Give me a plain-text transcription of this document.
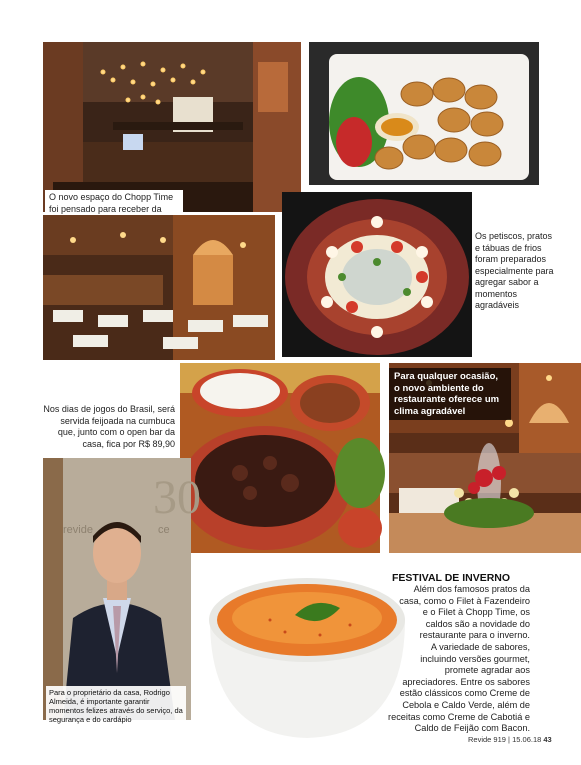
O novo espaço do Chopp Time foi pensado para receber da
Os petiscos, pratos e tábuas de frios foram preparados especialmente para agregar sabor a momentos agradáveis
Nos dias de jogos do Brasil, será servida feijoada na cumbuca que, junto com o open bar da casa, fica por R$ 89,90
Para qualquer ocasião, o novo ambiente do restaurante oferece um clima agradável
30
revide	ce
Para o proprietário da casa, Rodrigo Almeida, é importante garantir momentos felizes através do serviço, da segurança e do cardápio
FESTIVAL DE INVERNO
Além dos famosos pratos da
casa, como o Filet à Fazendeiro
e o Filet à Chopp Time, os
caldos são a novidade do
restaurante para o inverno.
A variedade de sabores,
incluindo versões gourmet,
promete agradar aos
apreciadores. Entre os sabores
estão clássicos como Creme de
Cebola e Caldo Verde, além de
receitas como Creme de Cabotiá e
Caldo de Feijão com Bacon.
Revide 919 | 15.06.18 43
